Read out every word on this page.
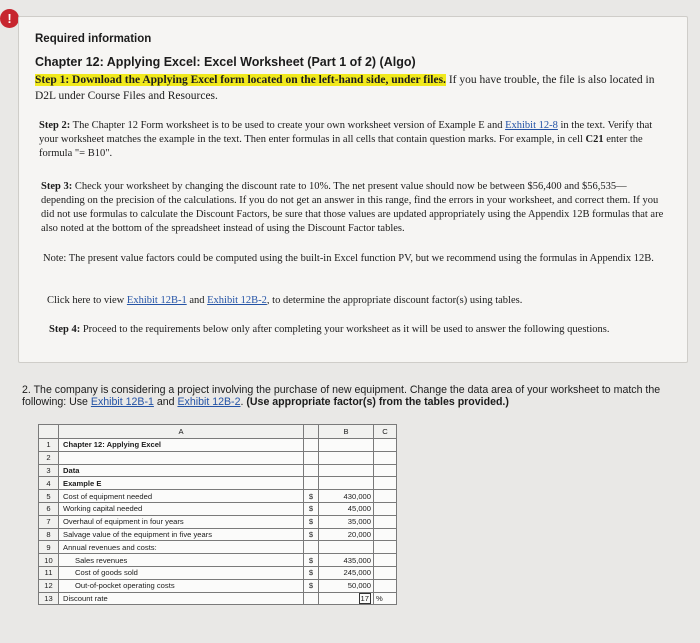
!
Required information
Chapter 12: Applying Excel: Excel Worksheet (Part 1 of 2) (Algo)
Step 1: Download the Applying Excel form located on the left-hand side, under files. If you have trouble, the file is also located in D2L under Course Files and Resources.
Step 2: The Chapter 12 Form worksheet is to be used to create your own worksheet version of Example E and Exhibit 12-8 in the text. Verify that your worksheet matches the example in the text. Then enter formulas in all cells that contain question marks. For example, in cell C21 enter the formula "= B10".
Step 3: Check your worksheet by changing the discount rate to 10%. The net present value should now be between $56,400 and $56,535—depending on the precision of the calculations. If you do not get an answer in this range, find the errors in your worksheet, and correct them. If you did not use formulas to calculate the Discount Factors, be sure that those values are updated appropriately using the Appendix 12B formulas that are also noted at the bottom of the spreadsheet instead of using the Discount Factor tables.
Note: The present value factors could be computed using the built-in Excel function PV, but we recommend using the formulas in Appendix 12B.
Click here to view Exhibit 12B-1 and Exhibit 12B-2, to determine the appropriate discount factor(s) using tables.
Step 4: Proceed to the requirements below only after completing your worksheet as it will be used to answer the following questions.
2. The company is considering a project involving the purchase of new equipment. Change the data area of your worksheet to match the following: Use Exhibit 12B-1 and Exhibit 12B-2. (Use appropriate factor(s) from the tables provided.)
	A		B	C
1	Chapter 12: Applying Excel			
2				
3	Data			
4	Example E			
5	Cost of equipment needed	$	430,000	
6	Working capital needed	$	45,000	
7	Overhaul of equipment in four years	$	35,000	
8	Salvage value of the equipment in five years	$	20,000	
9	Annual revenues and costs:			
10	Sales revenues	$	435,000	
11	Cost of goods sold	$	245,000	
12	Out-of-pocket operating costs	$	50,000	
13	Discount rate		17	%
